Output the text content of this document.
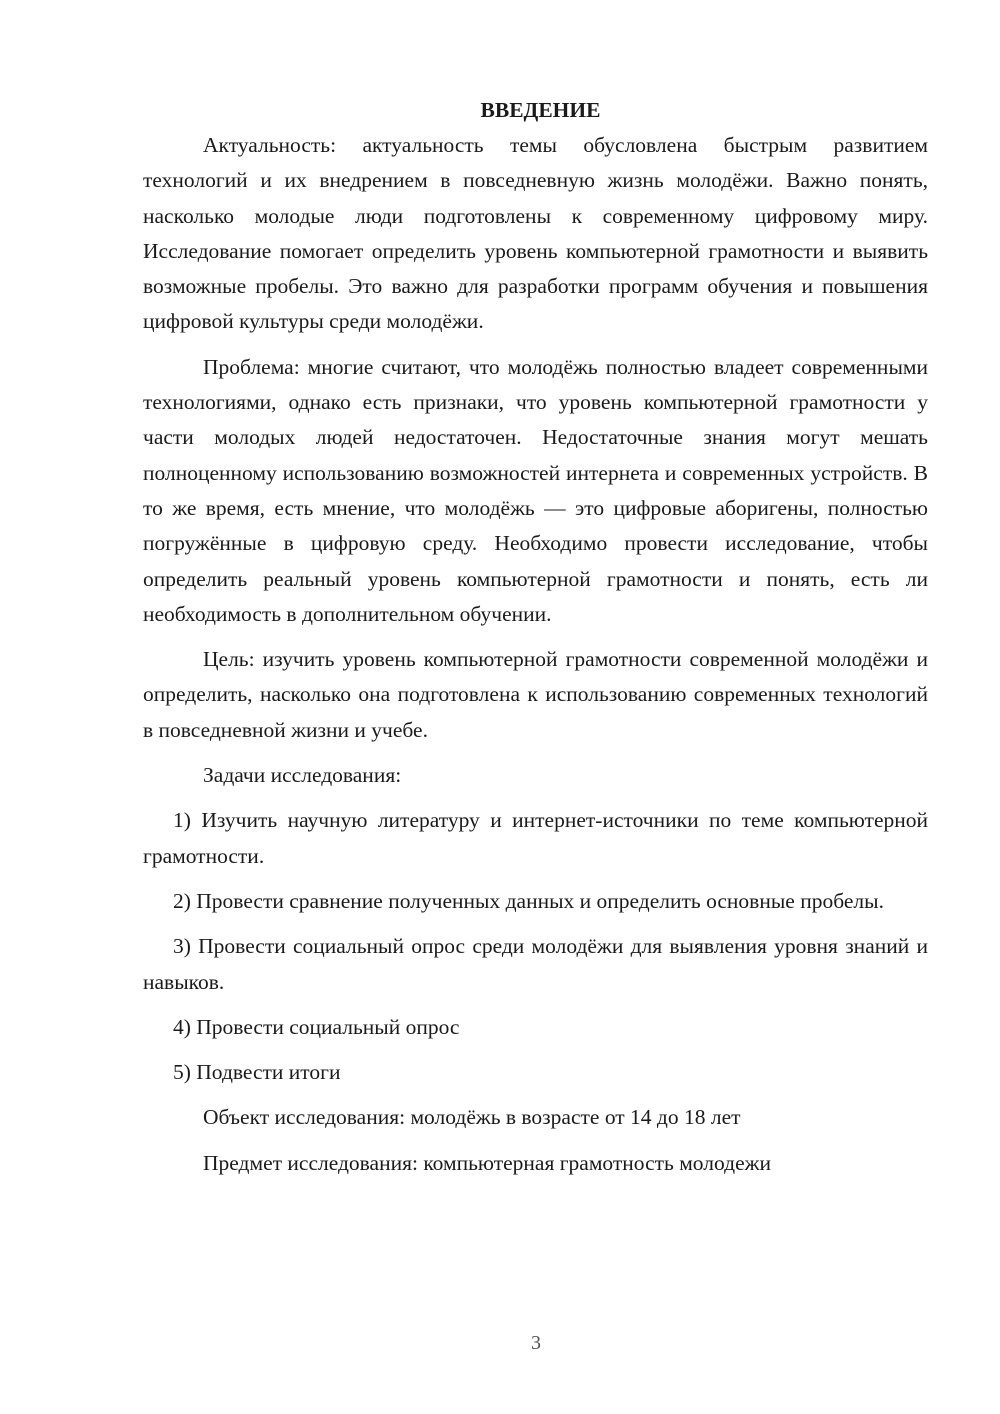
ВВЕДЕНИЕ

Актуальность: актуальность темы обусловлена быстрым развитием технологий и их внедрением в повседневную жизнь молодёжи. Важно понять, насколько молодые люди подготовлены к современному цифровому миру. Исследование помогает определить уровень компьютерной грамотности и выявить возможные пробелы. Это важно для разработки программ обучения и повышения цифровой культуры среди молодёжи.

Проблема: многие считают, что молодёжь полностью владеет современными технологиями, однако есть признаки, что уровень компьютерной грамотности у части молодых людей недостаточен. Недостаточные знания могут мешать полноценному использованию возможностей интернета и современных устройств. В то же время, есть мнение, что молодёжь — это цифровые аборигены, полностью погружённые в цифровую среду. Необходимо провести исследование, чтобы определить реальный уровень компьютерной грамотности и понять, есть ли необходимость в дополнительном обучении.

Цель: изучить уровень компьютерной грамотности современной молодёжи и определить, насколько она подготовлена к использованию современных технологий в повседневной жизни и учебе.

Задачи исследования:

1) Изучить научную литературу и интернет-источники по теме компьютерной грамотности.

2) Провести сравнение полученных данных и определить основные пробелы.

3) Провести социальный опрос среди молодёжи для выявления уровня знаний и навыков.

4) Провести социальный опрос

5) Подвести итоги

Объект исследования: молодёжь в возрасте от 14 до 18 лет

Предмет исследования: компьютерная грамотность молодежи

3
